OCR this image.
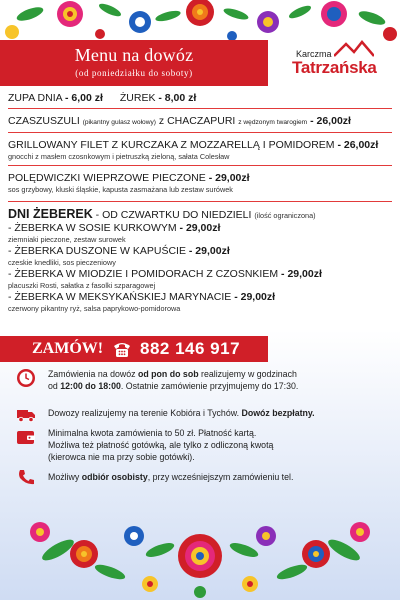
Menu na dowóz
(od poniedziałku do soboty)
Karczma
Tatrzańska
ZUPA DNIA - 6,00 zł ŻUREK - 8,00 zł
CZASZUSZULI (pikantny gulasz wołowy) z CHACZAPURI z wędzonym twarogiem - 26,00zł
GRILLOWANY FILET Z KURCZAKA Z MOZZARELLĄ I POMIDOREM - 26,00zł
gnocchi z masłem czosnkowym i pietruszką zieloną, sałata Colesław
POLĘDWICZKI WIEPRZOWE PIECZONE - 29,00zł
sos grzybowy, kluski śląskie, kapusta zasmażana lub zestaw surówek
DNI ŻEBEREK - OD CZWARTKU DO NIEDZIELI (ilość ograniczona)
- ŻEBERKA W SOSIE KURKOWYM - 29,00zł
ziemniaki pieczone, zestaw surowek
- ŻEBERKA DUSZONE W KAPUŚCIE - 29,00zł
czeskie knedliki, sos pieczeniowy
- ŻEBERKA W MIODZIE I POMIDORACH Z CZOSNKIEM - 29,00zł
placuszki Rosti, sałatka z fasolki szparagowej
- ŻEBERKA W MEKSYKAŃSKIEJ MARYNACIE - 29,00zł
czerwony pikantny ryż, salsa paprykowo-pomidorowa
ZAMÓW! 882 146 917
Zamówienia na dowóz od pon do sob realizujemy w godzinach
od 12:00 do 18:00. Ostatnie zamówienie przyjmujemy do 17:30.
Dowozy realizujemy na terenie Kobióra i Tychów. Dowóz bezpłatny.
Minimalna kwota zamówienia to 50 zł. Płatność kartą.
Możliwa też płatność gotówką, ale tylko z odliczoną kwotą
(kierowca nie ma przy sobie gotówki).
Możliwy odbiór osobisty, przy wcześniejszym zamówieniu tel.
